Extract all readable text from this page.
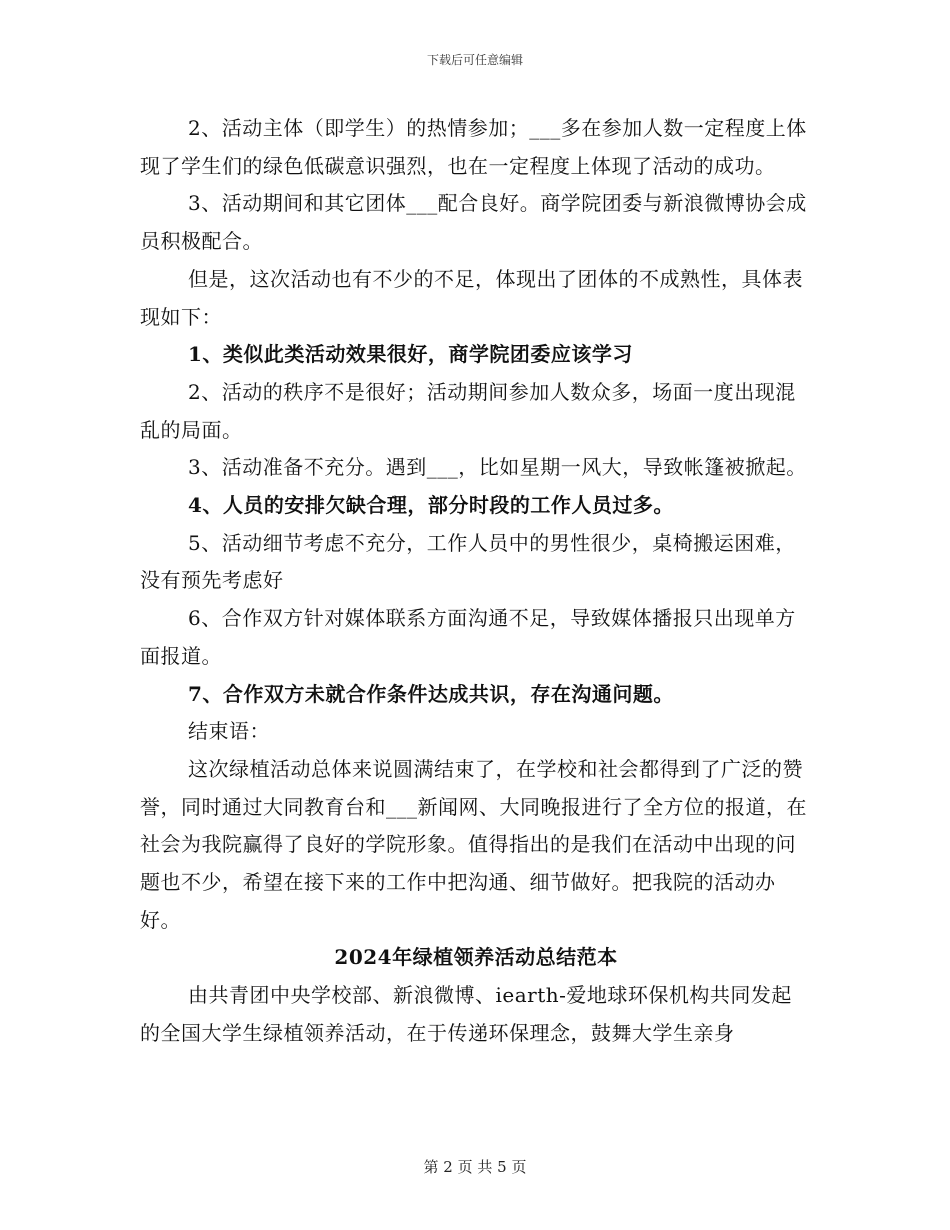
下载后可任意编辑

2、活动主体（即学生）的热情参加；___多在参加人数一定程度上体现了学生们的绿色低碳意识强烈，也在一定程度上体现了活动的成功。

3、活动期间和其它团体___配合良好。商学院团委与新浪微博协会成员积极配合。

但是，这次活动也有不少的不足，体现出了团体的不成熟性，具体表现如下：

1、类似此类活动效果很好，商学院团委应该学习

2、活动的秩序不是很好；活动期间参加人数众多，场面一度出现混乱的局面。

3、活动准备不充分。遇到___，比如星期一风大，导致帐篷被掀起。

4、人员的安排欠缺合理，部分时段的工作人员过多。

5、活动细节考虑不充分，工作人员中的男性很少，桌椅搬运困难，没有预先考虑好

6、合作双方针对媒体联系方面沟通不足，导致媒体播报只出现单方面报道。

7、合作双方未就合作条件达成共识，存在沟通问题。

结束语：

这次绿植活动总体来说圆满结束了，在学校和社会都得到了广泛的赞誉，同时通过大同教育台和___新闻网、大同晚报进行了全方位的报道，在社会为我院赢得了良好的学院形象。值得指出的是我们在活动中出现的问题也不少，希望在接下来的工作中把沟通、细节做好。把我院的活动办好。

2024年绿植领养活动总结范本

由共青团中央学校部、新浪微博、iearth-爱地球环保机构共同发起的全国大学生绿植领养活动，在于传递环保理念，鼓舞大学生亲身

第 2 页 共 5 页
